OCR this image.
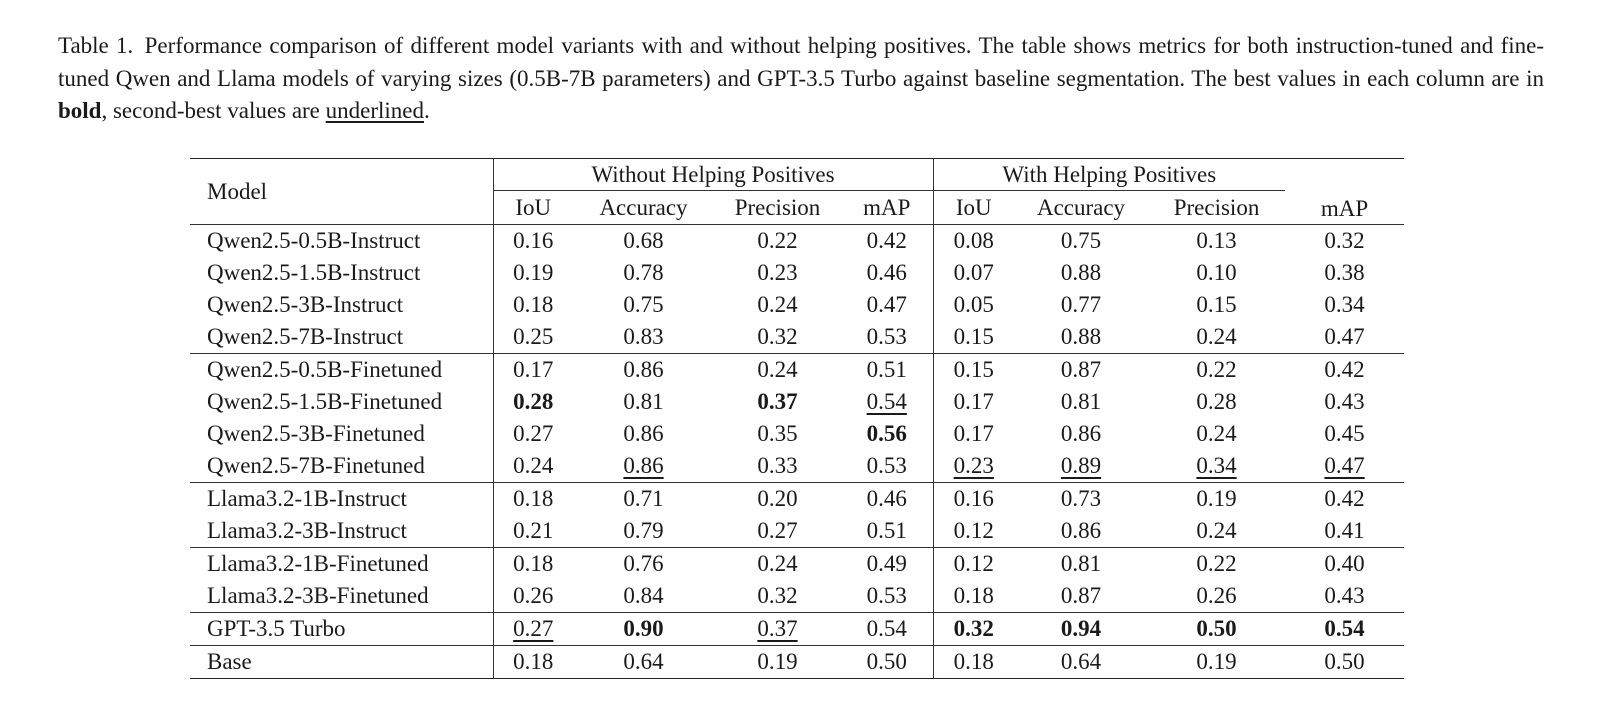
Table 1. Performance comparison of different model variants with and without helping positives. The table shows metrics for both instruction-tuned and fine-tuned Qwen and Llama models of varying sizes (0.5B-7B parameters) and GPT-3.5 Turbo against baseline segmentation. The best values in each column are in bold, second-best values are underlined.
Model	Without Helping Positives				With Helping Positives			mAP
	IoU	Accuracy	Precision	mAP	IoU	Accuracy	Precision	
Qwen2.5-0.5B-Instruct	0.16	0.68	0.22	0.42	0.08	0.75	0.13	0.32
Qwen2.5-1.5B-Instruct	0.19	0.78	0.23	0.46	0.07	0.88	0.10	0.38
Qwen2.5-3B-Instruct	0.18	0.75	0.24	0.47	0.05	0.77	0.15	0.34
Qwen2.5-7B-Instruct	0.25	0.83	0.32	0.53	0.15	0.88	0.24	0.47
Qwen2.5-0.5B-Finetuned	0.17	0.86	0.24	0.51	0.15	0.87	0.22	0.42
Qwen2.5-1.5B-Finetuned	0.28	0.81	0.37	0.54	0.17	0.81	0.28	0.43
Qwen2.5-3B-Finetuned	0.27	0.86	0.35	0.56	0.17	0.86	0.24	0.45
Qwen2.5-7B-Finetuned	0.24	0.86	0.33	0.53	0.23	0.89	0.34	0.47
Llama3.2-1B-Instruct	0.18	0.71	0.20	0.46	0.16	0.73	0.19	0.42
Llama3.2-3B-Instruct	0.21	0.79	0.27	0.51	0.12	0.86	0.24	0.41
Llama3.2-1B-Finetuned	0.18	0.76	0.24	0.49	0.12	0.81	0.22	0.40
Llama3.2-3B-Finetuned	0.26	0.84	0.32	0.53	0.18	0.87	0.26	0.43
GPT-3.5 Turbo	0.27	0.90	0.37	0.54	0.32	0.94	0.50	0.54
Base	0.18	0.64	0.19	0.50	0.18	0.64	0.19	0.50
